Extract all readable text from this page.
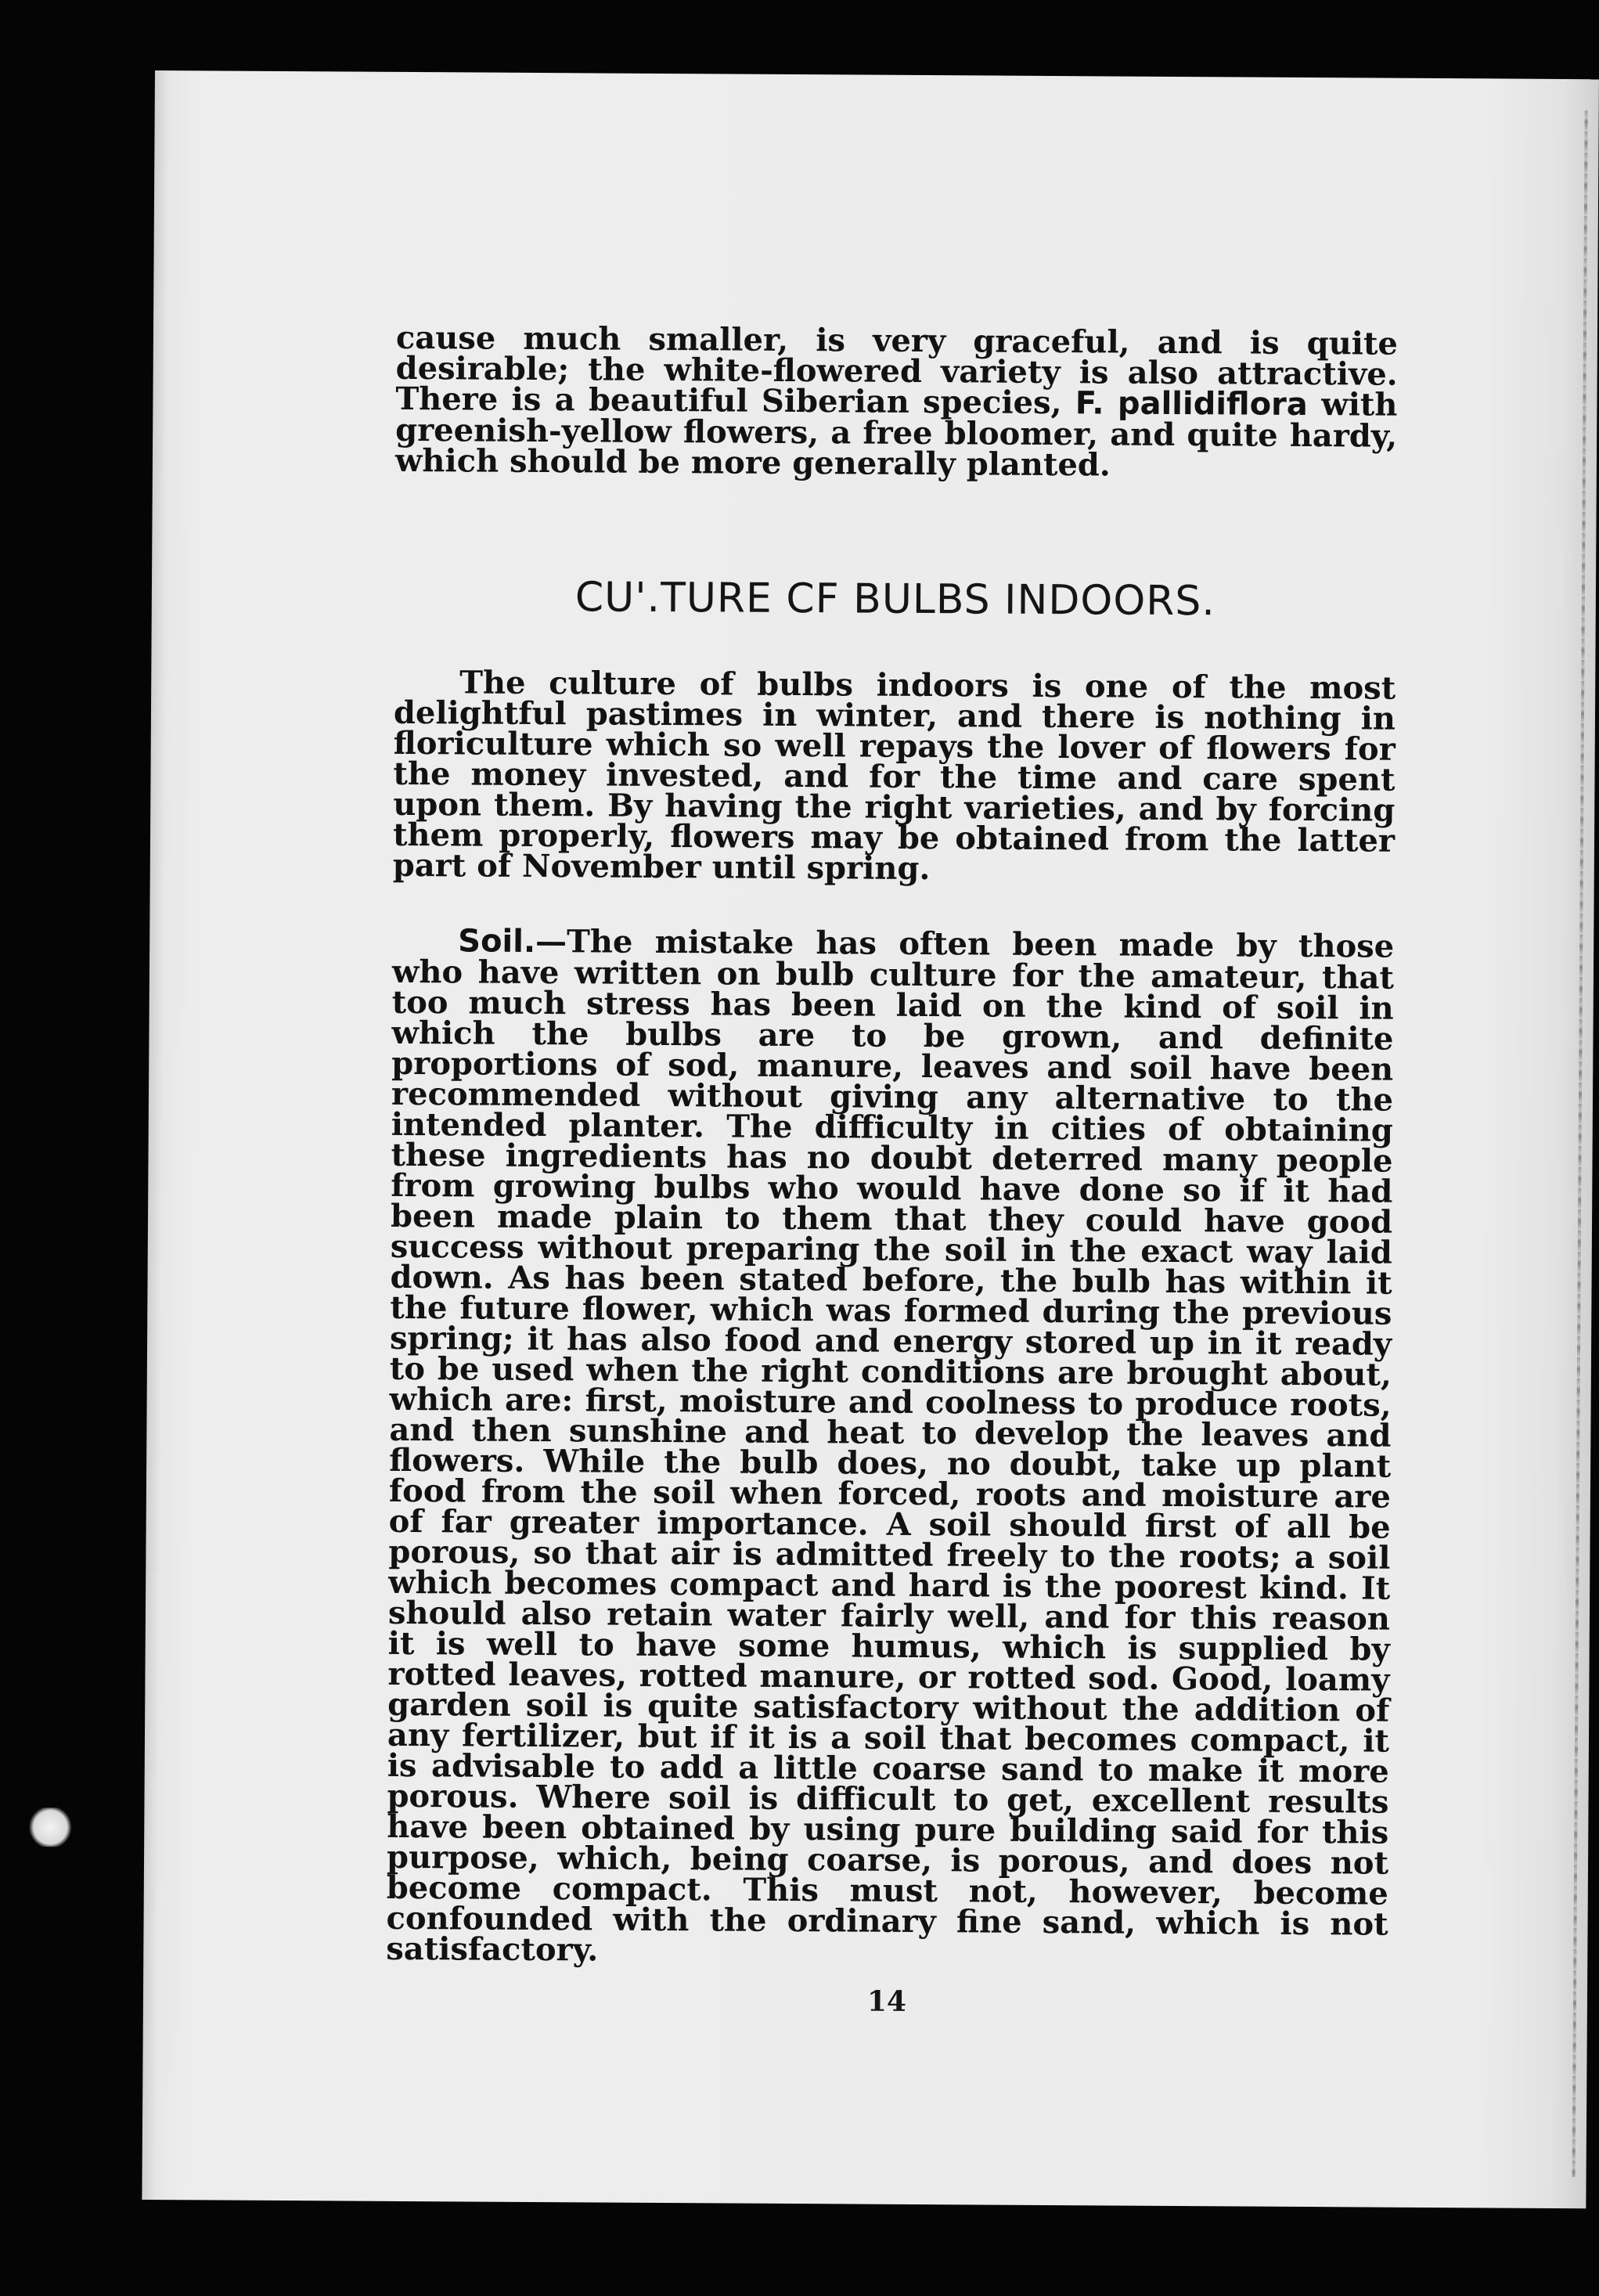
cause much smaller, is very graceful, and is quite desirable; the white-flowered variety is also attractive. There is a beautiful Siberian species, F. pallidiflora with greenish-yellow flowers, a free bloomer, and quite hardy, which should be more generally planted.

CU'.TURE CF BULBS INDOORS.

The culture of bulbs indoors is one of the most delightful pastimes in winter, and there is nothing in floriculture which so well repays the lover of flowers for the money invested, and for the time and care spent upon them. By having the right varieties, and by forcing them properly, flowers may be obtained from the latter part of November until spring.

Soil.—The mistake has often been made by those who have written on bulb culture for the amateur, that too much stress has been laid on the kind of soil in which the bulbs are to be grown, and definite proportions of sod, manure, leaves and soil have been recommended without giving any alternative to the intended planter. The difficulty in cities of obtaining these ingredients has no doubt deterred many people from growing bulbs who would have done so if it had been made plain to them that they could have good success without preparing the soil in the exact way laid down. As has been stated before, the bulb has within it the future flower, which was formed during the previous spring; it has also food and energy stored up in it ready to be used when the right conditions are brought about, which are: first, moisture and coolness to produce roots, and then sunshine and heat to develop the leaves and flowers. While the bulb does, no doubt, take up plant food from the soil when forced, roots and moisture are of far greater importance. A soil should first of all be porous, so that air is admitted freely to the roots; a soil which becomes compact and hard is the poorest kind. It should also retain water fairly well, and for this reason it is well to have some humus, which is supplied by rotted leaves, rotted manure, or rotted sod. Good, loamy garden soil is quite satisfactory without the addition of any fertilizer, but if it is a soil that becomes compact, it is advisable to add a little coarse sand to make it more porous. Where soil is difficult to get, excellent results have been obtained by using pure building said for this purpose, which, being coarse, is porous, and does not become compact. This must not, however, become confounded with the ordinary fine sand, which is not satisfactory.

14
